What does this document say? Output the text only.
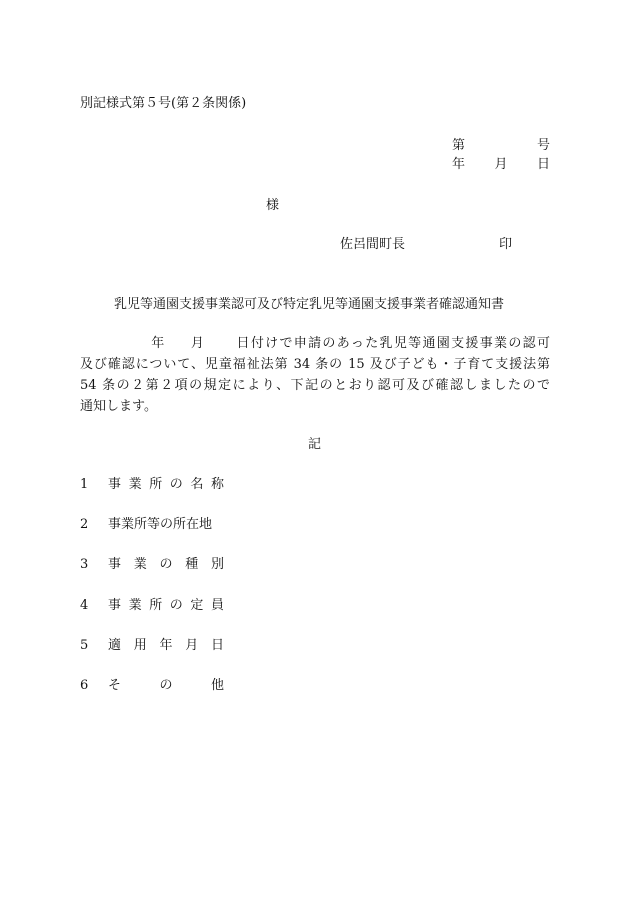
別記様式第５号(第２条関係)
第	号
年 月 日
様
佐呂間町長	印
乳児等通園支援事業認可及び特定乳児等通園支援事業者確認通知書
年 月 日付けで申請のあった乳児等通園支援事業の認可
及び確認について、児童福祉法第 34 条の 15 及び子ども・子育て支援法第
54 条の２第２項の規定により、下記のとおり認可及び確認しましたので
通知します。
記
1 事 業 所 の 名 称
2 事業所等の所在地
3 事 業 の 種 別
4 事 業 所 の 定 員
5 適 用 年 月 日
6 そ	の	他
